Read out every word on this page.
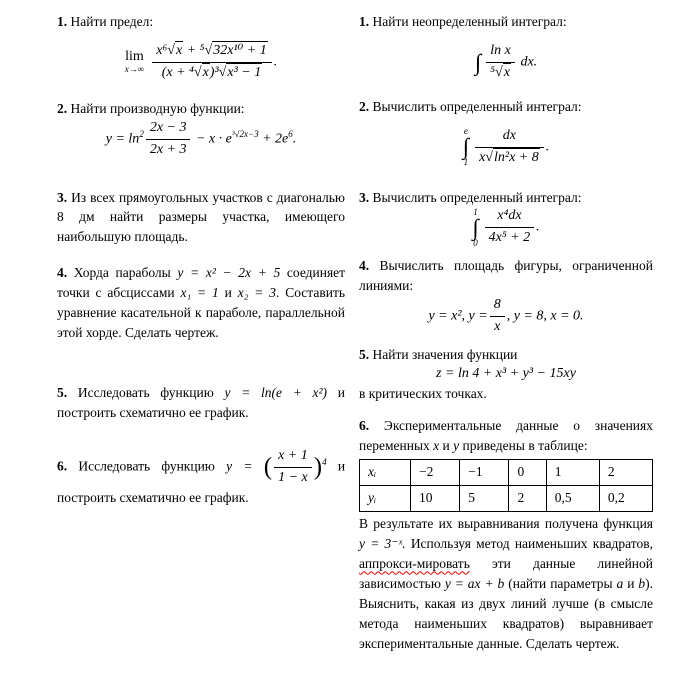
1. Найти предел:

lim
$x\to\infty \frac{\text{x⁶√x + ⁵√32x¹⁰ + 1}}{\text{(x + ⁴√x)³√x³ − 1}}$ .

2. Найти производную функции:

$y = \ln^2 \frac{2x - 3}{2x + 3} - x \cdot e^{^3√2x-3} + 2e^6$.

3. Из всех прямоугольных участков с диагональю 8 дм найти размеры участка, имеющего наибольшую площадь.

4. Хорда параболы y = x² − 2x + 5 соединяет точки с абсциссами x₁ = 1 и x₂ = 3. Составить уравнение касательной к параболе, параллельной этой хорде. Сделать чертеж.

5. Исследовать функцию y = ln(e + x²) и построить схематично ее график.

6. Исследовать функцию y = ( $\frac{x + 1}{1 - x} )^4$ и построить схематично ее график.

1. Найти неопределенный интеграл:

∫ $\frac{\text{ln x}}{\text{⁵√x}}$ dx.

2. Вычислить определенный интеграл:

e
∫
$1 \frac{dx}{\text{x√ln²x + 8}}$ .

3. Вычислить определенный интеграл:

1
∫
$0 \frac{\text{x⁴dx}}{\text{4x⁵ + 2}}$ .

4. Вычислить площадь фигуры, ограниченной линиями:

y = x², $y = \frac{8}{x}$ , y = 8, x = 0.

5. Найти значения функции

z = ln 4 + x³ + y³ − 15xy

в критических точках.

6. Экспериментальные данные о значениях переменных x и y приведены в таблице:

xᵢ	−2	−1	0	1	2
yᵢ	10	5	2	0,5	0,2

В результате их выравнивания получена функция y = 3⁻ˣ. Используя метод наименьших квадратов, аппрокси-мировать эти данные линейной зависимостью y = ax + b (найти параметры a и b). Выяснить, какая из двух линий лучше (в смысле метода наименьших квадратов) выравнивает экспериментальные данные. Сделать чертеж.
